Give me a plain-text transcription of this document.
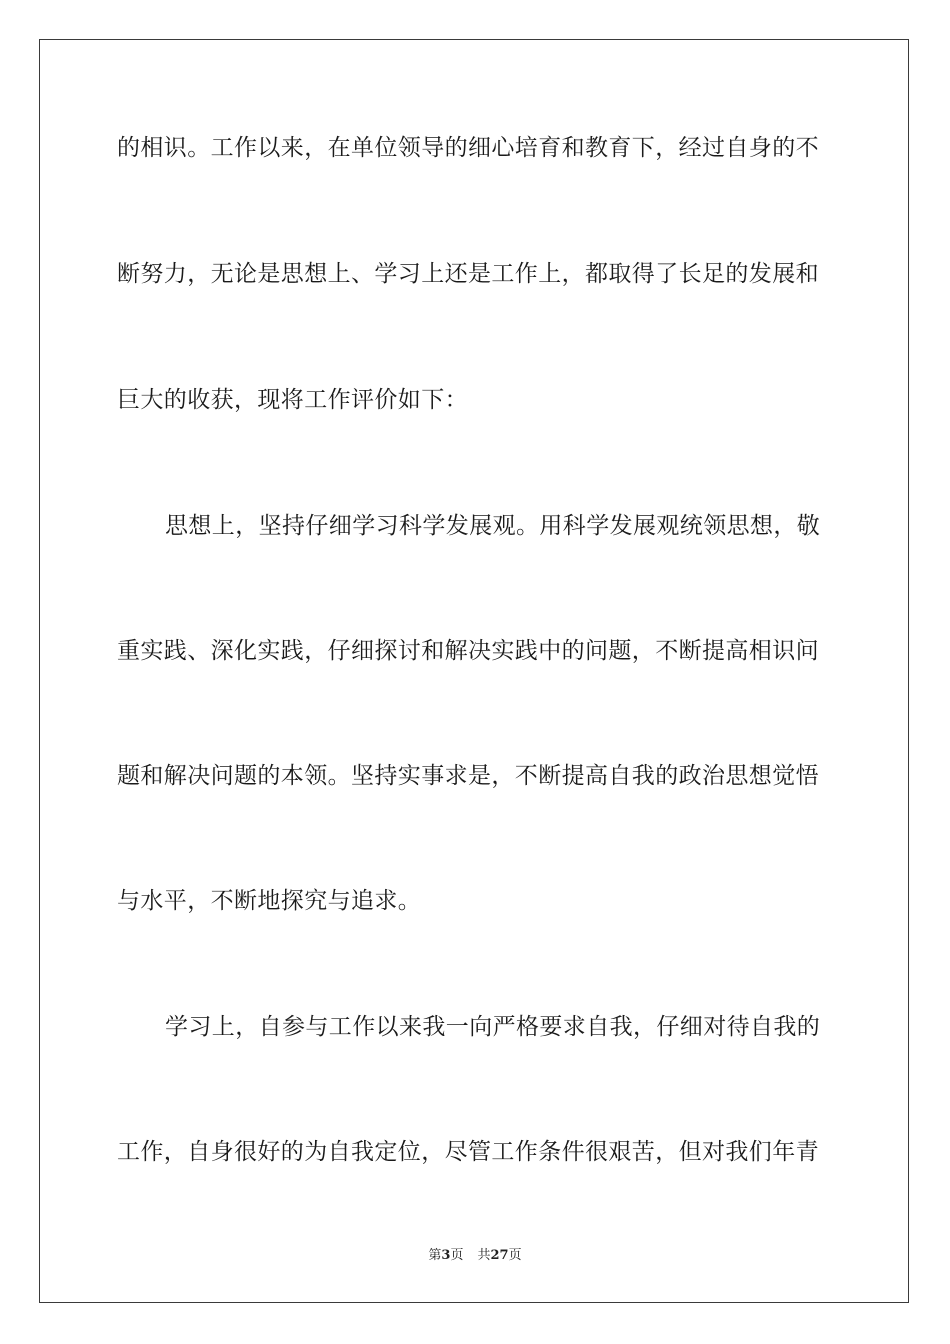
的相识。工作以来，在单位领导的细心培育和教育下，经过自身的不
断努力，无论是思想上、学习上还是工作上，都取得了长足的发展和
巨大的收获，现将工作评价如下：
思想上，坚持仔细学习科学发展观。用科学发展观统领思想，敬
重实践、深化实践，仔细探讨和解决实践中的问题，不断提高相识问
题和解决问题的本领。坚持实事求是，不断提高自我的政治思想觉悟
与水平，不断地探究与追求。
学习上，自参与工作以来我一向严格要求自我，仔细对待自我的
工作，自身很好的为自我定位，尽管工作条件很艰苦，但对我们年青
第3页 共27页
